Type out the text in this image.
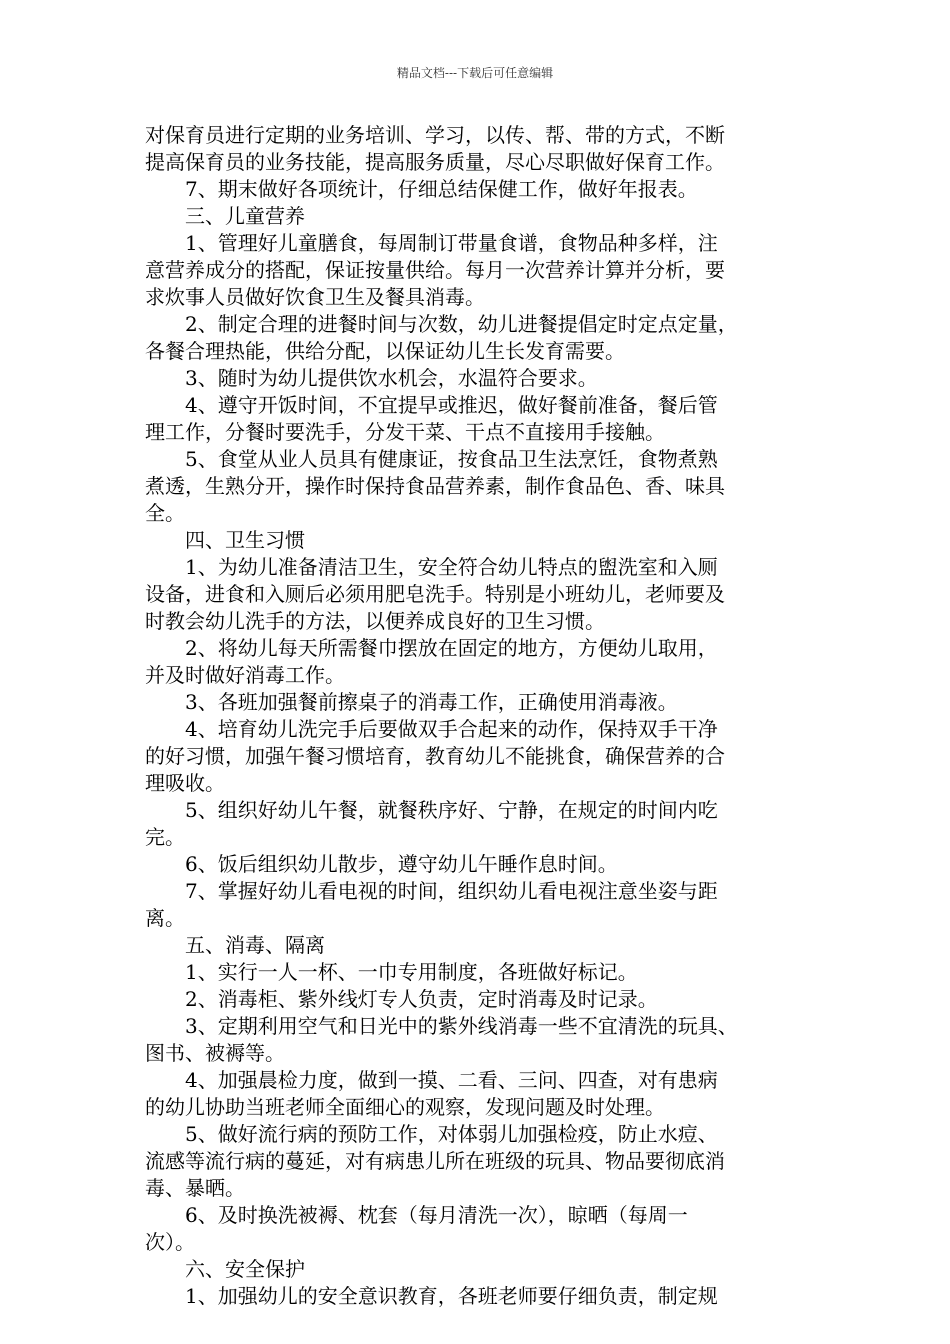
精品文档---下载后可任意编辑
对保育员进行定期的业务培训、学习，以传、帮、带的方式，不断
提高保育员的业务技能，提高服务质量，尽心尽职做好保育工作。
　　7、期末做好各项统计，仔细总结保健工作，做好年报表。
　　三、儿童营养
　　1、管理好儿童膳食，每周制订带量食谱，食物品种多样，注
意营养成分的搭配，保证按量供给。每月一次营养计算并分析，要
求炊事人员做好饮食卫生及餐具消毒。
　　2、制定合理的进餐时间与次数，幼儿进餐提倡定时定点定量，
各餐合理热能，供给分配，以保证幼儿生长发育需要。
　　3、随时为幼儿提供饮水机会，水温符合要求。
　　4、遵守开饭时间，不宜提早或推迟，做好餐前准备，餐后管
理工作，分餐时要洗手，分发干菜、干点不直接用手接触。
　　5、食堂从业人员具有健康证，按食品卫生法烹饪，食物煮熟
煮透，生熟分开，操作时保持食品营养素，制作食品色、香、味具
全。
　　四、卫生习惯
　　1、为幼儿准备清洁卫生，安全符合幼儿特点的盥洗室和入厕
设备，进食和入厕后必须用肥皂洗手。特别是小班幼儿，老师要及
时教会幼儿洗手的方法，以便养成良好的卫生习惯。
　　2、将幼儿每天所需餐巾摆放在固定的地方，方便幼儿取用，
并及时做好消毒工作。
　　3、各班加强餐前擦桌子的消毒工作，正确使用消毒液。
　　4、培育幼儿洗完手后要做双手合起来的动作，保持双手干净
的好习惯，加强午餐习惯培育，教育幼儿不能挑食，确保营养的合
理吸收。
　　5、组织好幼儿午餐，就餐秩序好、宁静，在规定的时间内吃
完。
　　6、饭后组织幼儿散步，遵守幼儿午睡作息时间。
　　7、掌握好幼儿看电视的时间，组织幼儿看电视注意坐姿与距
离。
　　五、消毒、隔离
　　1、实行一人一杯、一巾专用制度，各班做好标记。
　　2、消毒柜、紫外线灯专人负责，定时消毒及时记录。
　　3、定期利用空气和日光中的紫外线消毒一些不宜清洗的玩具、
图书、被褥等。
　　4、加强晨检力度，做到一摸、二看、三问、四查，对有患病
的幼儿协助当班老师全面细心的观察，发现问题及时处理。
　　5、做好流行病的预防工作，对体弱儿加强检疫，防止水痘、
流感等流行病的蔓延，对有病患儿所在班级的玩具、物品要彻底消
毒、暴晒。
　　6、及时换洗被褥、枕套（每月清洗一次），晾晒（每周一
次）。
　　六、安全保护
　　1、加强幼儿的安全意识教育，各班老师要仔细负责，制定规
